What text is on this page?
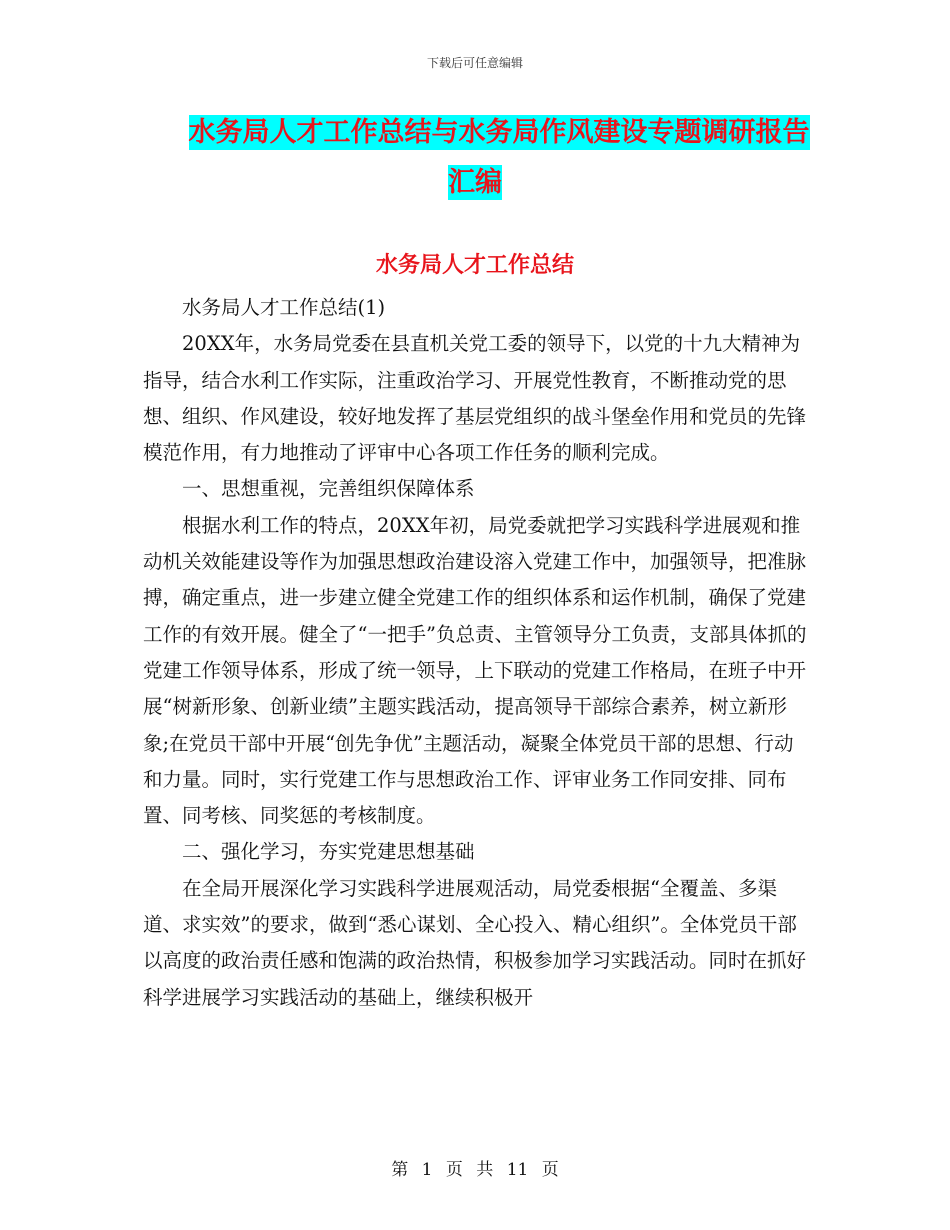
下载后可任意编辑
水务局人才工作总结与水务局作风建设专题调研报告
汇编
水务局人才工作总结

水务局人才工作总结(1)

20XX年，水务局党委在县直机关党工委的领导下，以党的十九大精神为指导，结合水利工作实际，注重政治学习、开展党性教育，不断推动党的思想、组织、作风建设，较好地发挥了基层党组织的战斗堡垒作用和党员的先锋模范作用，有力地推动了评审中心各项工作任务的顺利完成。

一、思想重视，完善组织保障体系

根据水利工作的特点，20XX年初，局党委就把学习实践科学进展观和推动机关效能建设等作为加强思想政治建设溶入党建工作中，加强领导，把准脉搏，确定重点，进一步建立健全党建工作的组织体系和运作机制，确保了党建工作的有效开展。健全了“一把手”负总责、主管领导分工负责，支部具体抓的党建工作领导体系，形成了统一领导，上下联动的党建工作格局，在班子中开展“树新形象、创新业绩”主题实践活动，提高领导干部综合素养，树立新形象;在党员干部中开展“创先争优”主题活动，凝聚全体党员干部的思想、行动和力量。同时，实行党建工作与思想政治工作、评审业务工作同安排、同布置、同考核、同奖惩的考核制度。

二、强化学习，夯实党建思想基础

在全局开展深化学习实践科学进展观活动，局党委根据“全覆盖、多渠道、求实效”的要求，做到“悉心谋划、全心投入、精心组织”。全体党员干部以高度的政治责任感和饱满的政治热情，积极参加学习实践活动。同时在抓好科学进展学习实践活动的基础上，继续积极开

第 1 页 共 11 页
